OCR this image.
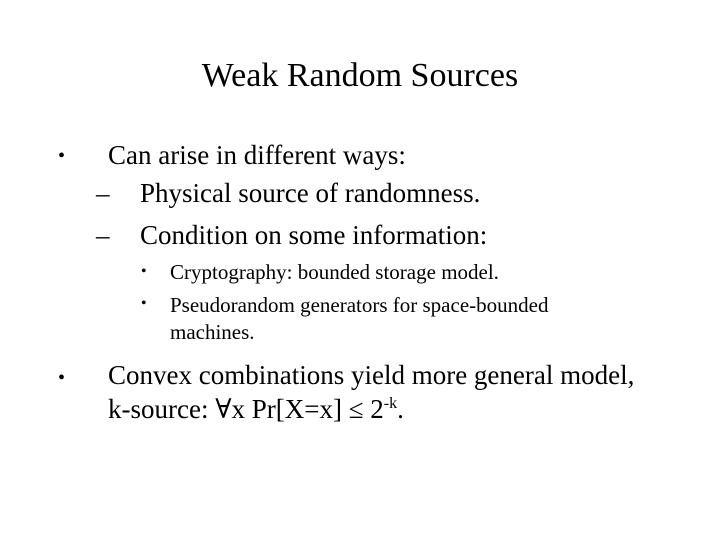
Weak Random Sources
• Can arise in different ways:
– Physical source of randomness.
– Condition on some information:
• Cryptography: bounded storage model.
• Pseudorandom generators for space-bounded
machines.
• Convex combinations yield more general model,
k-source: ∀x $Pr[X=x] \le 2^{-k}$.
